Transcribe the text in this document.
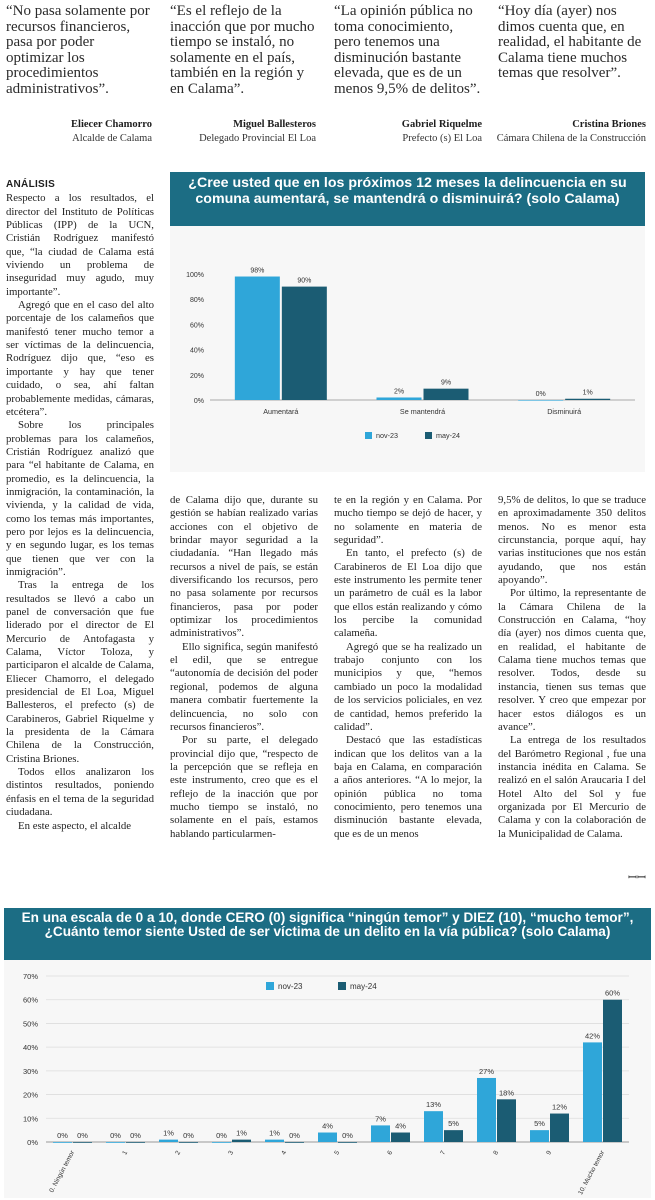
“No pasa solamente por recursos financieros, pasa por poder optimizar los procedimientos administrativos”.

“Es el reflejo de la inacción que por mucho tiempo se instaló, no solamente en el país, también en la región y en Calama”.

“La opinión pública no toma conocimiento, pero tenemos una disminución bastante elevada, que es de un menos 9,5% de delitos”.

“Hoy día (ayer) nos dimos cuenta que, en realidad, el habitante de Calama tiene muchos temas que resolver”.

Eliecer Chamorro
Alcalde de Calama
Miguel Ballesteros
Delegado Provincial El Loa
Gabriel Riquelme
Prefecto (s) El Loa
Cristina Briones
Cámara Chilena de la Construcción
ANÁLISIS

Respecto a los resultados, el director del Instituto de Políticas Públicas (IPP) de la UCN, Cristián Rodríguez manifestó que, “la ciudad de Calama está viviendo un problema de inseguridad muy agudo, muy importante”.

Agregó que en el caso del alto porcentaje de los calameños que manifestó tener mucho temor a ser víctimas de la delincuencia, Rodríguez dijo que, “eso es importante y hay que tener cuidado, o sea, ahí faltan probablemente medidas, cámaras, etcétera”.

Sobre los principales problemas para los calameños, Cristián Rodríguez analizó que para “el habitante de Calama, en promedio, es la delincuencia, la inmigración, la contaminación, la vivienda, y la calidad de vida, como los temas más importantes, pero por lejos es la delincuencia, y en segundo lugar, es los temas que tienen que ver con la inmigración”.

Tras la entrega de los resultados se llevó a cabo un panel de conversación que fue liderado por el director de El Mercurio de Antofagasta y Calama, Víctor Toloza, y participaron el alcalde de Calama, Eliecer Chamorro, el delegado presidencial de El Loa, Miguel Ballesteros, el prefecto (s) de Carabineros, Gabriel Riquelme y la presidenta de la Cámara Chilena de la Construcción, Cristina Briones.

Todos ellos analizaron los distintos resultados, poniendo énfasis en el tema de la seguridad ciudadana.

En este aspecto, el alcalde

¿Cree usted que en los próximos 12 meses la delincuencia en su comuna aumentará, se mantendrá o disminuirá? (solo Calama)
0%
20%
40%
60%
80%
100%
98%
90%
Aumentará
2%
9%
Se mantendrá
0%	1%
Disminuirá
nov-23	may-24

de Calama dijo que, durante su gestión se habían realizado varias acciones con el objetivo de brindar mayor seguridad a la ciudadanía. “Han llegado más recursos a nivel de país, se están diversificando los recursos, pero no pasa solamente por recursos financieros, pasa por poder optimizar los procedimientos administrativos”.

Ello significa, según manifestó el edil, que se entregue “autonomía de decisión del poder regional, podemos de alguna manera combatir fuertemente la delincuencia, no solo con recursos financieros”.

Por su parte, el delegado provincial dijo que, “respecto de la percepción que se refleja en este instrumento, creo que es el reflejo de la inacción que por mucho tiempo se instaló, no solamente en el país, estamos hablando particularmen-

te en la región y en Calama. Por mucho tiempo se dejó de hacer, y no solamente en materia de seguridad”.

En tanto, el prefecto (s) de Carabineros de El Loa dijo que este instrumento les permite tener un parámetro de cuál es la labor que ellos están realizando y cómo los percibe la comunidad calameña.

Agregó que se ha realizado un trabajo conjunto con los municipios y que, “hemos cambiado un poco la modalidad de los servicios policiales, en vez de cantidad, hemos preferido la calidad”.

Destacó que las estadísticas indican que los delitos van a la baja en Calama, en comparación a años anteriores. “A lo mejor, la opinión pública no toma conocimiento, pero tenemos una disminución bastante elevada, que es de un menos

9,5% de delitos, lo que se traduce en aproximadamente 350 delitos menos. No es menor esta circunstancia, porque aquí, hay varias instituciones que nos están ayudando, que nos están apoyando”.

Por último, la representante de la Cámara Chilena de la Construcción en Calama, “hoy día (ayer) nos dimos cuenta que, en realidad, el habitante de Calama tiene muchos temas que resolver. Todos, desde su instancia, tienen sus temas que resolver. Y creo que empezar por hacer estos diálogos es un avance”.

La entrega de los resultados del Barómetro Regional , fue una instancia inédita en Calama. Se realizó en el salón Araucaria I del Hotel Alto del Sol y fue organizada por El Mercurio de Calama y con la colaboración de la Municipalidad de Calama.

ꟷꟷ
En una escala de 0 a 10, donde CERO (0) significa “ningún temor” y DIEZ (10), “mucho temor”, ¿Cuánto temor siente Usted de ser víctima de un delito en la vía pública? (solo Calama)
0%
10%
20%
30%
40%
50%
60%
70%
0% 0%
0. Ningún temor
0% 0%
1
1% 0%
2
0% 1%
3
1% 0%
4
4%
0%
5
7%
4%
6
13%
5%
7
27%
18%
8
5%
12%
9
42%
60%
10. Mucho temor
nov-23	may-24
